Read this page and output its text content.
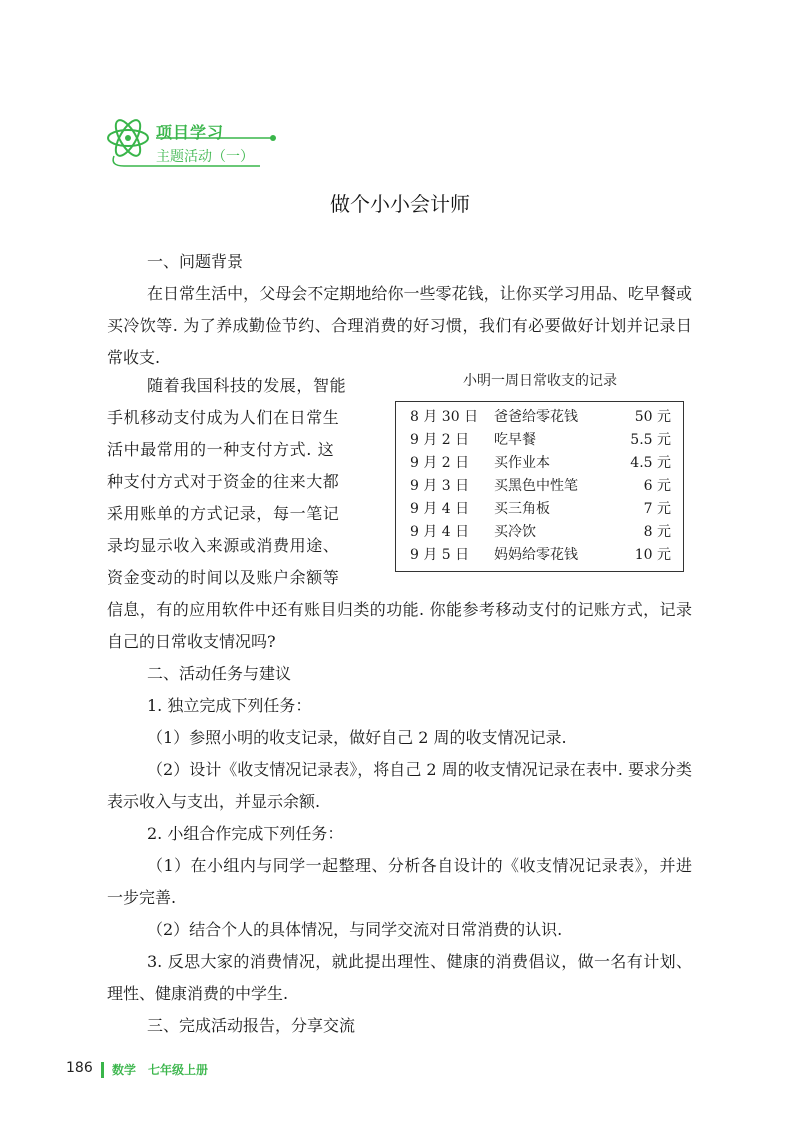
项目学习
主题活动（一）
做个小小会计师

一、问题背景

在日常生活中，父母会不定期地给你一些零花钱，让你买学习用品、吃早餐或买冷饮等. 为了养成勤俭节约、合理消费的好习惯，我们有必要做好计划并记录日常收支.

随着我国科技的发展，智能
手机移动支付成为人们在日常生
活中最常用的一种支付方式. 这
种支付方式对于资金的往来大都
采用账单的方式记录，每一笔记
录均显示收入来源或消费用途、
资金变动的时间以及账户余额等
小明一周日常收支的记录
8 月 30 日 爸爸给零花钱	50 元
9 月 2 日 吃早餐	5.5 元
9 月 2 日 买作业本	4.5 元
9 月 3 日 买黑色中性笔	6 元
9 月 4 日 买三角板	7 元
9 月 4 日 买冷饮	8 元
9 月 5 日 妈妈给零花钱	10 元

信息，有的应用软件中还有账目归类的功能. 你能参考移动支付的记账方式，记录自己的日常收支情况吗?

二、活动任务与建议

1. 独立完成下列任务：

（1）参照小明的收支记录，做好自己 2 周的收支情况记录.

（2）设计《收支情况记录表》，将自己 2 周的收支情况记录在表中. 要求分类表示收入与支出，并显示余额.

2. 小组合作完成下列任务：

（1）在小组内与同学一起整理、分析各自设计的《收支情况记录表》，并进一步完善.

（2）结合个人的具体情况，与同学交流对日常消费的认识.

3. 反思大家的消费情况，就此提出理性、健康的消费倡议，做一名有计划、理性、健康消费的中学生.

三、完成活动报告，分享交流

186 数学　七年级上册
